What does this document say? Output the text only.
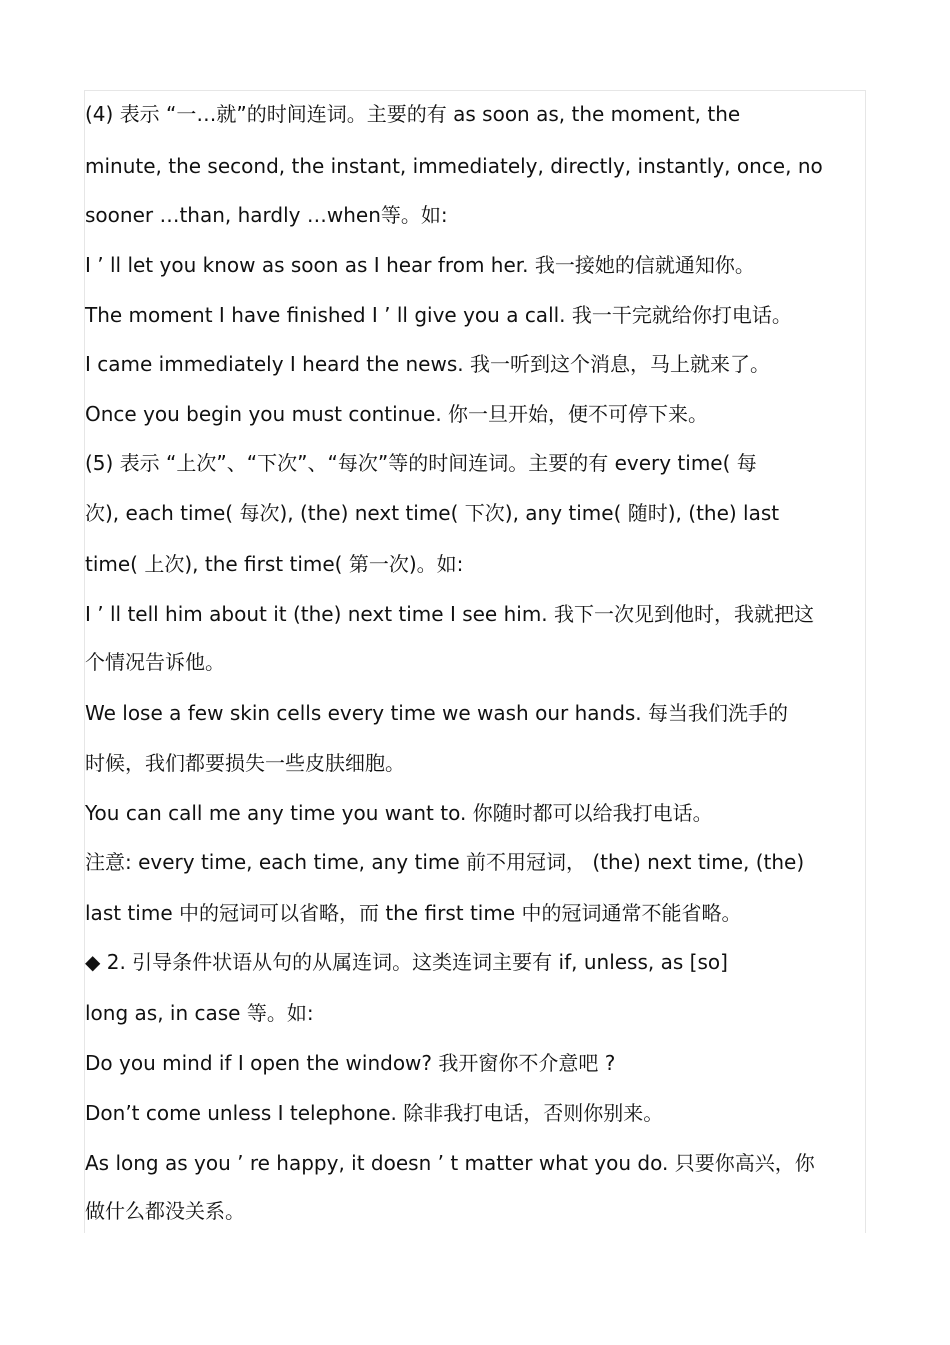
(4) 表示 “一…就”的时间连词。主要的有 as soon as, the moment, the
minute, the second, the instant, immediately, directly, instantly, once, no
sooner …than, hardly …when等。如:
I ’ ll let you know as soon as I hear from her. 我一接她的信就通知你。
The moment I have finished I ’ ll give you a call. 我一干完就给你打电话。
I came immediately I heard the news. 我一听到这个消息，马上就来了。
Once you begin you must continue. 你一旦开始，便不可停下来。
(5) 表示 “上次”、“下次”、“每次”等的时间连词。主要的有 every time( 每
次), each time( 每次), (the) next time( 下次), any time( 随时), (the) last
time( 上次), the first time( 第一次)。如:
I ’ ll tell him about it (the) next time I see him. 我下一次见到他时，我就把这
个情况告诉他。
We lose a few skin cells every time we wash our hands. 每当我们洗手的
时候，我们都要损失一些皮肤细胞。
You can call me any time you want to. 你随时都可以给我打电话。
注意: every time, each time, any time 前不用冠词， (the) next time, (the)
last time 中的冠词可以省略，而 the first time 中的冠词通常不能省略。
◆ 2. 引导条件状语从句的从属连词。这类连词主要有 if, unless, as [so]
long as, in case 等。如:
Do you mind if I open the window? 我开窗你不介意吧 ?
Don’t come unless I telephone. 除非我打电话，否则你别来。
As long as you ’ re happy, it doesn ’ t matter what you do. 只要你高兴，你
做什么都没关系。
